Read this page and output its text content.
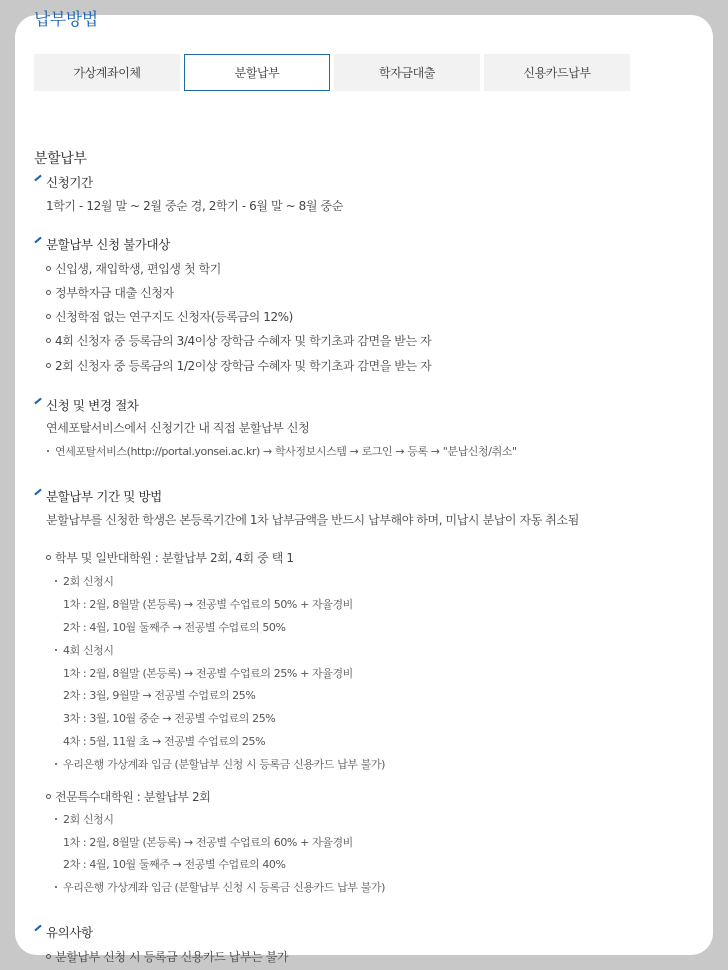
납부방법
가상계좌이체	분할납부	학자금대출	신용카드납부
분할납부
신청기간
1학기 - 12월 말 ~ 2월 중순 경, 2학기 - 6월 말 ~ 8월 중순
분할납부 신청 불가대상
신입생, 재입학생, 편입생 첫 학기
정부학자금 대출 신청자
신청학점 없는 연구지도 신청자(등록금의 12%)
4회 신청자 중 등록금의 3/4이상 장학금 수혜자 및 학기초과 감면을 받는 자
2회 신청자 중 등록금의 1/2이상 장학금 수혜자 및 학기초과 감면을 받는 자
신청 및 변경 절차
연세포탈서비스에서 신청기간 내 직접 분할납부 신청
연세포탈서비스(http://portal.yonsei.ac.kr) → 학사정보시스템 → 로그인 → 등록 → "분납신청/취소"
분할납부 기간 및 방법
분할납부를 신청한 학생은 본등록기간에 1차 납부금액을 반드시 납부해야 하며, 미납시 분납이 자동 취소됨
학부 및 일반대학원 : 분할납부 2회, 4회 중 택 1
2회 신청시
1차 : 2월, 8월말 (본등록) → 전공별 수업료의 50% + 자율경비
2차 : 4월, 10월 둘째주 → 전공별 수업료의 50%
4회 신청시
1차 : 2월, 8월말 (본등록) → 전공별 수업료의 25% + 자율경비
2차 : 3월, 9월말 → 전공별 수업료의 25%
3차 : 3월, 10월 중순 → 전공별 수업료의 25%
4차 : 5월, 11월 초 → 전공별 수업료의 25%
우리은행 가상계좌 입금 (분할납부 신청 시 등록금 신용카드 납부 불가)
전문특수대학원 : 분할납부 2회
2회 신청시
1차 : 2월, 8월말 (본등록) → 전공별 수업료의 60% + 자율경비
2차 : 4월, 10월 둘째주 → 전공별 수업료의 40%
우리은행 가상계좌 입금 (분할납부 신청 시 등록금 신용카드 납부 불가)
유의사항
분할납부 신청 시 등록금 신용카드 납부는 불가
